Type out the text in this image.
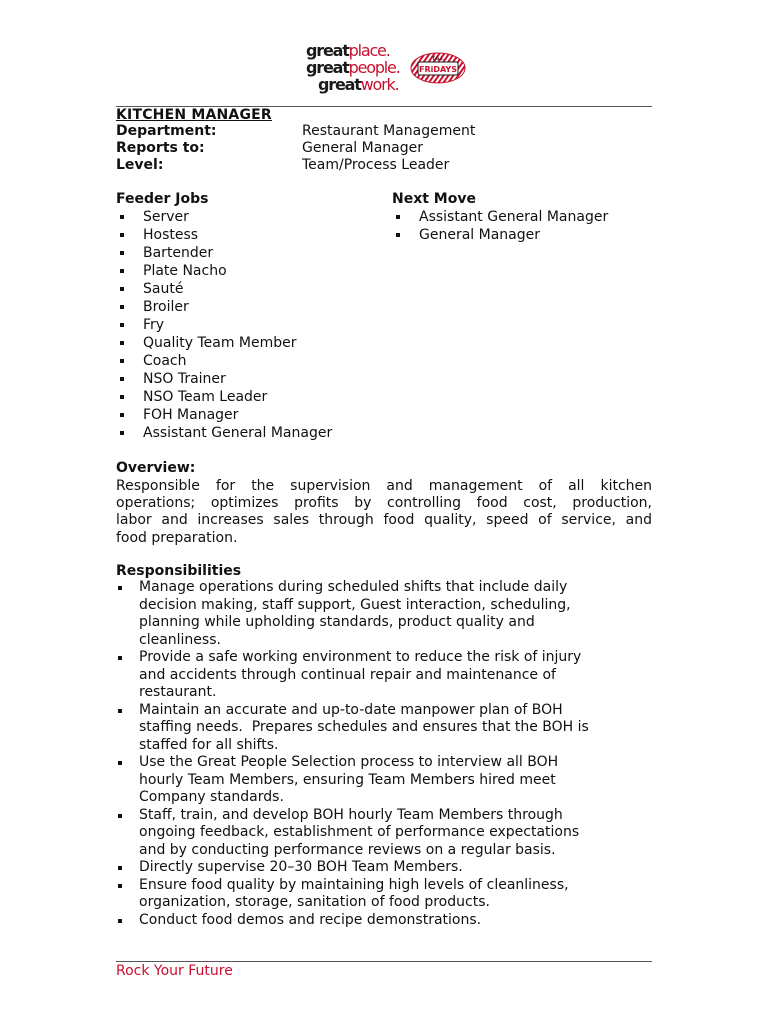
greatplace.
greatpeople.
greatwork.
T.G.I.
FRiDAYS
KITCHEN MANAGER
Department:	Restaurant Management
Reports to:	General Manager
Level:	Team/Process Leader
Feeder Jobs
Server
Hostess
Bartender
Plate Nacho
Sauté
Broiler
Fry
Quality Team Member
Coach
NSO Trainer
NSO Team Leader
FOH Manager
Assistant General Manager
Next Move
Assistant General Manager
General Manager
Overview:
Responsible for the supervision and management of all kitchen
operations; optimizes profits by controlling food cost, production,
labor and increases sales through food quality, speed of service, and
food preparation.
Responsibilities
Manage operations during scheduled shifts that include daily
decision making, staff support, Guest interaction, scheduling,
planning while upholding standards, product quality and
cleanliness.
Provide a safe working environment to reduce the risk of injury
and accidents through continual repair and maintenance of
restaurant.
Maintain an accurate and up-to-date manpower plan of BOH
staffing needs.  Prepares schedules and ensures that the BOH is
staffed for all shifts.
Use the Great People Selection process to interview all BOH
hourly Team Members, ensuring Team Members hired meet
Company standards.
Staff, train, and develop BOH hourly Team Members through
ongoing feedback, establishment of performance expectations
and by conducting performance reviews on a regular basis.
Directly supervise 20–30 BOH Team Members.
Ensure food quality by maintaining high levels of cleanliness,
organization, storage, sanitation of food products.
Conduct food demos and recipe demonstrations.
Rock Your Future
